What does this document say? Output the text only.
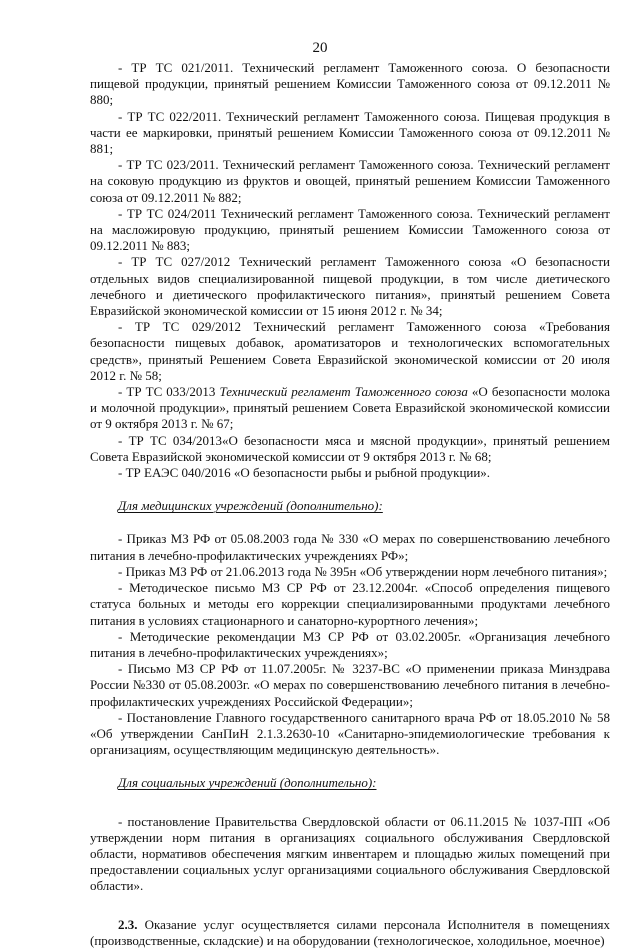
20

- ТР ТС 021/2011. Технический регламент Таможенного союза. О безопасности пищевой продукции, принятый решением Комиссии Таможенного союза от 09.12.2011 № 880;

- ТР ТС 022/2011. Технический регламент Таможенного союза. Пищевая продукция в части ее маркировки, принятый решением Комиссии Таможенного союза от 09.12.2011 № 881;

- ТР ТС 023/2011. Технический регламент Таможенного союза. Технический регламент на соковую продукцию из фруктов и овощей, принятый решением Комиссии Таможенного союза от 09.12.2011 № 882;

- ТР ТС 024/2011 Технический регламент Таможенного союза. Технический регламент на масложировую продукцию, принятый решением Комиссии Таможенного союза от 09.12.2011 № 883;

- ТР ТС 027/2012 Технический регламент Таможенного союза «О безопасности отдельных видов специализированной пищевой продукции, в том числе диетического лечебного и диетического профилактического питания», принятый решением Совета Евразийской экономической комиссии от 15 июня 2012 г. № 34;

- ТР ТС 029/2012 Технический регламент Таможенного союза «Требования безопасности пищевых добавок, ароматизаторов и технологических вспомогательных средств», принятый Решением Совета Евразийской экономической комиссии от 20 июля 2012 г. № 58;

- ТР ТС 033/2013 Технический регламент Таможенного союза «О безопасности молока и молочной продукции», принятый решением Совета Евразийской экономической комиссии от 9 октября 2013 г. № 67;

- ТР ТС 034/2013«О безопасности мяса и мясной продукции», принятый решением Совета Евразийской экономической комиссии от 9 октября 2013 г. № 68;

- ТР ЕАЭС 040/2016 «О безопасности рыбы и рыбной продукции».

Для медицинских учреждений (дополнительно):

- Приказ МЗ РФ от 05.08.2003 года № 330 «О мерах по совершенствованию лечебного питания в лечебно-профилактических учреждениях РФ»;

- Приказ МЗ РФ от 21.06.2013 года № 395н «Об утверждении норм лечебного питания»;

- Методическое письмо МЗ СР РФ от 23.12.2004г. «Способ определения пищевого статуса больных и методы его коррекции специализированными продуктами лечебного питания в условиях стационарного и санаторно-курортного лечения»;

- Методические рекомендации МЗ СР РФ от 03.02.2005г. «Организация лечебного питания в лечебно-профилактических учреждениях»;

- Письмо МЗ СР РФ от 11.07.2005г. № 3237-ВС «О применении приказа Минздрава России №330 от 05.08.2003г. «О мерах по совершенствованию лечебного питания в лечебно-профилактических учреждениях Российской Федерации»;

- Постановление Главного государственного санитарного врача РФ от 18.05.2010 № 58 «Об утверждении СанПиН 2.1.3.2630-10 «Санитарно-эпидемиологические требования к организациям, осуществляющим медицинскую деятельность».

Для социальных учреждений (дополнительно):

- постановление Правительства Свердловской области от 06.11.2015 № 1037-ПП «Об утверждении норм питания в организациях социального обслуживания Свердловской области, нормативов обеспечения мягким инвентарем и площадью жилых помещений при предоставлении социальных услуг организациями социального обслуживания Свердловской области».

2.3. Оказание услуг осуществляется силами персонала Исполнителя в помещениях (производственные, складские) и на оборудовании (технологическое, холодильное, моечное)
